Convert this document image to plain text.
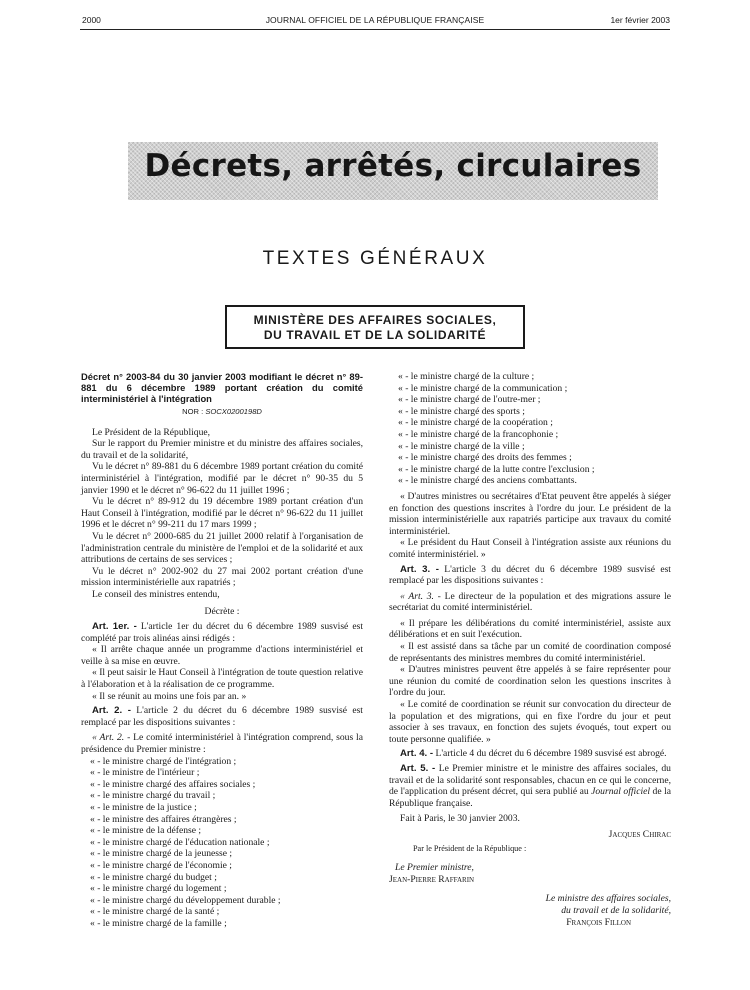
2000	JOURNAL OFFICIEL DE LA RÉPUBLIQUE FRANÇAISE	1er février 2003
Décrets, arrêtés, circulaires
TEXTES GÉNÉRAUX
MINISTÈRE DES AFFAIRES SOCIALES,
DU TRAVAIL ET DE LA SOLIDARITÉ
Décret n° 2003-84 du 30 janvier 2003 modifiant le décret n° 89-881 du 6 décembre 1989 portant création du comité interministériel à l'intégration
NOR : SOCX0200198D

Le Président de la République,

Sur le rapport du Premier ministre et du ministre des affaires sociales, du travail et de la solidarité,

Vu le décret n° 89-881 du 6 décembre 1989 portant création du comité interministériel à l'intégration, modifié par le décret n° 90-35 du 5 janvier 1990 et le décret n° 96-622 du 11 juillet 1996 ;

Vu le décret n° 89-912 du 19 décembre 1989 portant création d'un Haut Conseil à l'intégration, modifié par le décret n° 96-622 du 11 juillet 1996 et le décret n° 99-211 du 17 mars 1999 ;

Vu le décret n° 2000-685 du 21 juillet 2000 relatif à l'organisation de l'administration centrale du ministère de l'emploi et de la solidarité et aux attributions de certains de ses services ;

Vu le décret n° 2002-902 du 27 mai 2002 portant création d'une mission interministérielle aux rapatriés ;

Le conseil des ministres entendu,

Décrète :

Art. 1er. - L'article 1er du décret du 6 décembre 1989 susvisé est complété par trois alinéas ainsi rédigés :

« Il arrête chaque année un programme d'actions interministériel et veille à sa mise en œuvre.

« Il peut saisir le Haut Conseil à l'intégration de toute question relative à l'élaboration et à la réalisation de ce programme.

« Il se réunit au moins une fois par an. »

Art. 2. - L'article 2 du décret du 6 décembre 1989 susvisé est remplacé par les dispositions suivantes :

« Art. 2. - Le comité interministériel à l'intégration comprend, sous la présidence du Premier ministre :

« - le ministre chargé de l'intégration ;
« - le ministre de l'intérieur ;
« - le ministre chargé des affaires sociales ;
« - le ministre chargé du travail ;
« - le ministre de la justice ;
« - le ministre des affaires étrangères ;
« - le ministre de la défense ;
« - le ministre chargé de l'éducation nationale ;
« - le ministre chargé de la jeunesse ;
« - le ministre chargé de l'économie ;
« - le ministre chargé du budget ;
« - le ministre chargé du logement ;
« - le ministre chargé du développement durable ;
« - le ministre chargé de la santé ;
« - le ministre chargé de la famille ;
« - le ministre chargé de la culture ;
« - le ministre chargé de la communication ;
« - le ministre chargé de l'outre-mer ;
« - le ministre chargé des sports ;
« - le ministre chargé de la coopération ;
« - le ministre chargé de la francophonie ;
« - le ministre chargé de la ville ;
« - le ministre chargé des droits des femmes ;
« - le ministre chargé de la lutte contre l'exclusion ;
« - le ministre chargé des anciens combattants.

« D'autres ministres ou secrétaires d'Etat peuvent être appelés à siéger en fonction des questions inscrites à l'ordre du jour. Le président de la mission interministérielle aux rapatriés participe aux travaux du comité interministériel.

« Le président du Haut Conseil à l'intégration assiste aux réunions du comité interministériel. »

Art. 3. - L'article 3 du décret du 6 décembre 1989 susvisé est remplacé par les dispositions suivantes :

« Art. 3. - Le directeur de la population et des migrations assure le secrétariat du comité interministériel.

« Il prépare les délibérations du comité interministériel, assiste aux délibérations et en suit l'exécution.

« Il est assisté dans sa tâche par un comité de coordination composé de représentants des ministres membres du comité interministériel.

« D'autres ministres peuvent être appelés à se faire représenter pour une réunion du comité de coordination selon les questions inscrites à l'ordre du jour.

« Le comité de coordination se réunit sur convocation du directeur de la population et des migrations, qui en fixe l'ordre du jour et peut associer à ses travaux, en fonction des sujets évoqués, tout expert ou toute personne qualifiée. »

Art. 4. - L'article 4 du décret du 6 décembre 1989 susvisé est abrogé.

Art. 5. - Le Premier ministre et le ministre des affaires sociales, du travail et de la solidarité sont responsables, chacun en ce qui le concerne, de l'application du présent décret, qui sera publié au Journal officiel de la République française.

Fait à Paris, le 30 janvier 2003.

Jacques Chirac
Par le Président de la République :
Le Premier ministre,
Jean-Pierre Raffarin
Le ministre des affaires sociales,
du travail et de la solidarité,
François Fillon
